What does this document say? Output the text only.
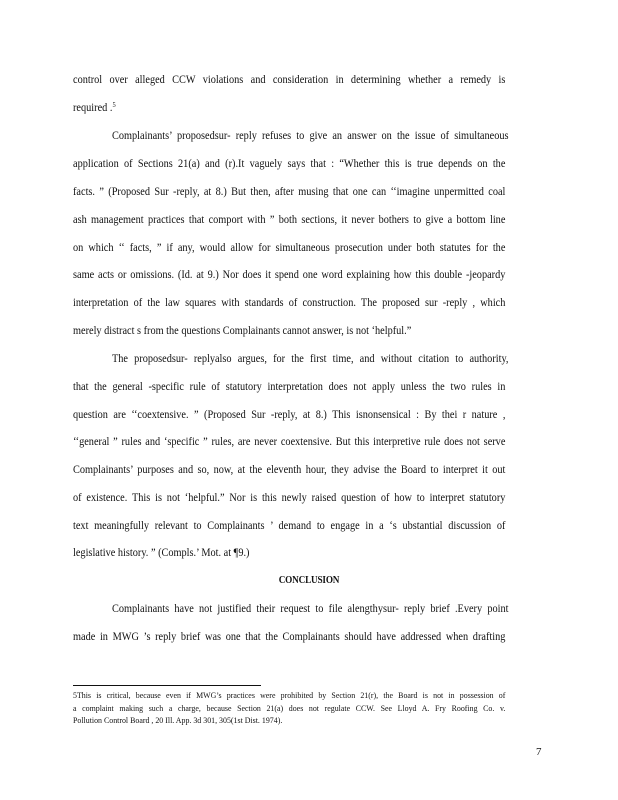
control over alleged CCW violations and consideration in determining whether a remedy is
required .$^5$
Complainants’ proposedsur- reply refuses to give an answer on the issue of simultaneous
application of Sections 21(a) and (r).It vaguely says that : “Whether this is true depends on the
facts. ” (Proposed Sur -reply, at 8.) But then, after musing that one can ‘‘imagine unpermitted coal
ash management practices that comport with ” both sections, it never bothers to give a bottom line
on which ‘‘ facts, ” if any, would allow for simultaneous prosecution under both statutes for the
same acts or omissions. (Id. at 9.) Nor does it spend one word explaining how this double -jeopardy
interpretation of the law squares with standards of construction. The proposed sur -reply , which
merely distract s from the questions Complainants cannot answer, is not ‘helpful.”
The proposedsur- replyalso argues, for the first time, and without citation to authority,
that the general -specific rule of statutory interpretation does not apply unless the two rules in
question are ‘‘coextensive. ” (Proposed Sur -reply, at 8.) This isnonsensical : By thei r nature ,
‘‘general ” rules and ‘specific ” rules, are never coextensive. But this interpretive rule does not serve
Complainants’ purposes and so, now, at the eleventh hour, they advise the Board to interpret it out
of existence. This is not ‘helpful.” Nor is this newly raised question of how to interpret statutory
text meaningfully relevant to Complainants ’ demand to engage in a ‘s ubstantial discussion of
legislative history. ” (Compls.’ Mot. at ¶9.)
CONCLUSION
Complainants have not justified their request to file alengthysur- reply brief .Every point
made in MWG ’s reply brief was one that the Complainants should have addressed when drafting
5This is critical, because even if MWG’s practices were prohibited by Section 21(r), the Board is not in possession of
a complaint making such a charge, because Section 21(a) does not regulate CCW. See Lloyd A. Fry Roofing Co. v.
Pollution Control Board , 20 Ill. App. 3d 301, 305(1st Dist. 1974).
7
